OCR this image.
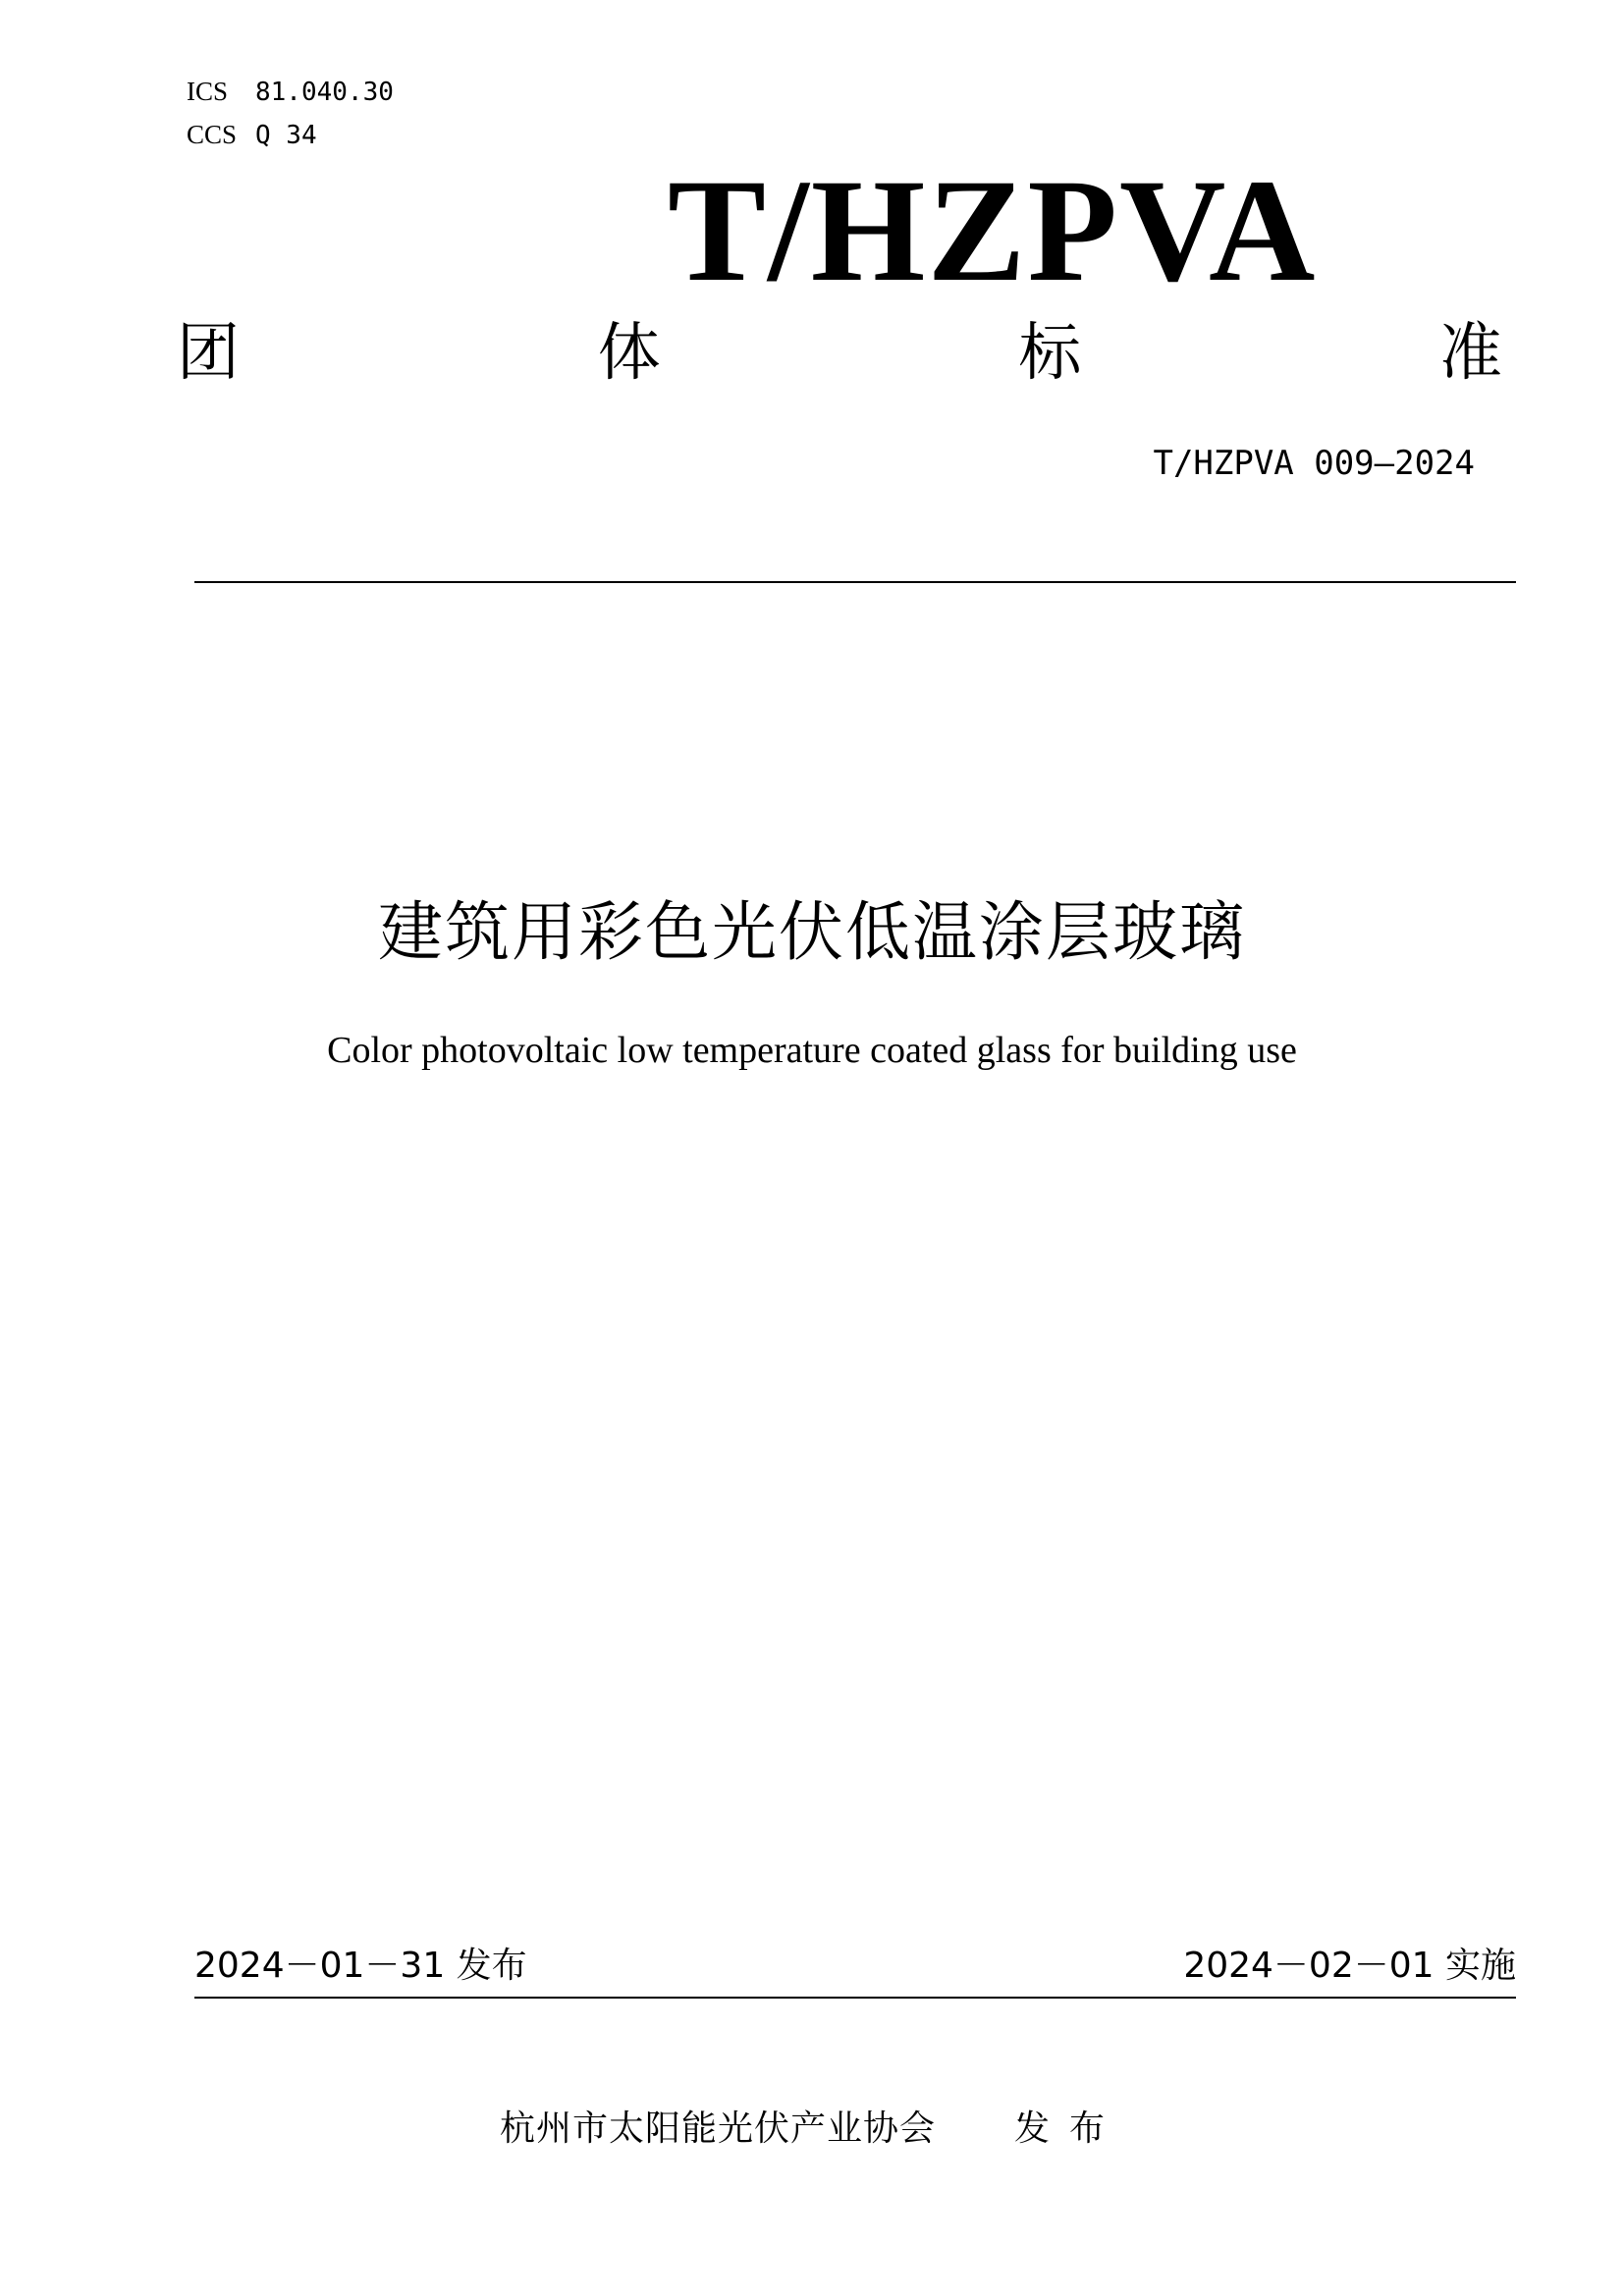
ICS	81.040.30
CCS Q 34
T/HZPVA
团	体	标	准
T/HZPVA 009—2024
建筑用彩色光伏低温涂层玻璃
Color photovoltaic low temperature coated glass for building use
2024－01－31 发布	2024－02－01 实施
杭州市太阳能光伏产业协会 发布
